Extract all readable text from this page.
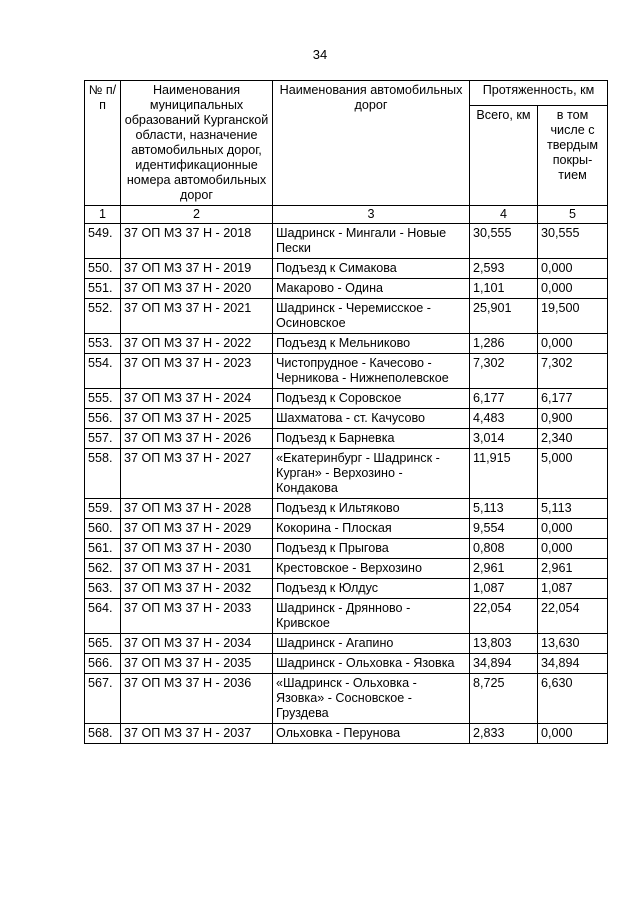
34
№ п/п	Наименования муниципальных образований Курганской области, назначение автомобильных дорог, идентификационные номера автомобильных дорог	Наименования автомобильных дорог	Протяженность, км	
			Всего, км	в том числе с твердым покры-тием
1	2	3	4	5
549.	37 ОП МЗ 37 Н - 2018	Шадринск - Мингали - Новые Пески	30,555	30,555
550.	37 ОП МЗ 37 Н - 2019	Подъезд к Симакова	2,593	0,000
551.	37 ОП МЗ 37 Н - 2020	Макарово - Одина	1,101	0,000
552.	37 ОП МЗ 37 Н - 2021	Шадринск - Черемисское - Осиновское	25,901	19,500
553.	37 ОП МЗ 37 Н - 2022	Подъезд к Мельниково	1,286	0,000
554.	37 ОП МЗ 37 Н - 2023	Чистопрудное - Качесово - Черникова - Нижнеполевское	7,302	7,302
555.	37 ОП МЗ 37 Н - 2024	Подъезд к Соровское	6,177	6,177
556.	37 ОП МЗ 37 Н - 2025	Шахматова - ст. Качусово	4,483	0,900
557.	37 ОП МЗ 37 Н - 2026	Подъезд к Барневка	3,014	2,340
558.	37 ОП МЗ 37 Н - 2027	«Екатеринбург - Шадринск - Курган» - Верхозино - Кондакова	11,915	5,000
559.	37 ОП МЗ 37 Н - 2028	Подъезд к Ильтяково	5,113	5,113
560.	37 ОП МЗ 37 Н - 2029	Кокорина - Плоская	9,554	0,000
561.	37 ОП МЗ 37 Н - 2030	Подъезд к Прыгова	0,808	0,000
562.	37 ОП МЗ 37 Н - 2031	Крестовское - Верхозино	2,961	2,961
563.	37 ОП МЗ 37 Н - 2032	Подъезд к Юлдус	1,087	1,087
564.	37 ОП МЗ 37 Н - 2033	Шадринск - Дрянново - Кривское	22,054	22,054
565.	37 ОП МЗ 37 Н - 2034	Шадринск - Агапино	13,803	13,630
566.	37 ОП МЗ 37 Н - 2035	Шадринск - Ольховка - Язовка	34,894	34,894
567.	37 ОП МЗ 37 Н - 2036	«Шадринск - Ольховка - Язовка» - Сосновское - Груздева	8,725	6,630
568.	37 ОП МЗ 37 Н - 2037	Ольховка - Перунова	2,833	0,000
